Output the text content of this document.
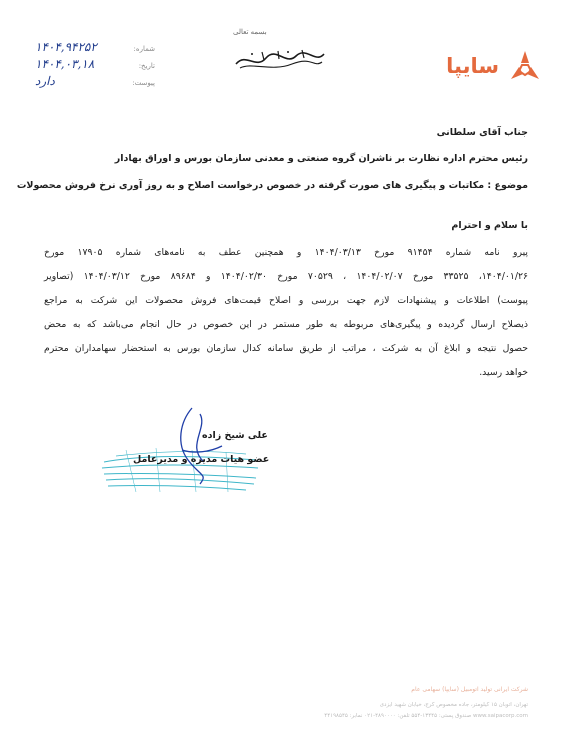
سایپا
بسمه تعالی
۱۴۰۴,۹۴۲۵۲	شماره:
۱۴۰۴,۰۳,۱۸	تاریخ:
دارد	پیوست:
جناب آقای سلطانی
رئیس محترم اداره نظارت بر ناشران گروه صنعتی و معدنی سازمان بورس و اوراق بهادار
موضوع : مکاتبات و پیگیری های صورت گرفته در خصوص درخواست اصلاح و به روز آوری نرخ فروش محصولات
با سلام و احترام
پیرو نامه شماره ۹۱۴۵۴ مورخ ۱۴۰۴/۰۳/۱۳ و همچنین عطف به نامه‌های شماره ۱۷۹۰۵ مورخ
۱۴۰۴/۰۱/۲۶، ۳۳۵۲۵ مورخ ۱۴۰۴/۰۲/۰۷ ، ۷۰۵۲۹ مورخ ۱۴۰۴/۰۲/۳۰ و ۸۹۶۸۴ مورخ ۱۴۰۴/۰۳/۱۲ (تصاویر
پیوست) اطلاعات و پیشنهادات لازم جهت بررسی و اصلاح قیمت‌های فروش محصولات این شرکت به مراجع
ذیصلاح ارسال گردیده و پیگیری‌های مربوطه به طور مستمر در این خصوص در حال انجام می‌باشد که به محض
حصول نتیجه و ابلاغ آن به شرکت ، مراتب از طریق سامانه کدال سازمان بورس به استحضار سهامداران محترم
خواهد رسید.
علی شیخ زاده
عضو هیات مدیره و مدیرعامل
شرکت ایرانی تولید اتومبیل (سایپا) سهامی عام
تهران، اتوبان ۱۵ کیلومتر، جاده مخصوص کرج، خیابان شهید ایزدی
www.saipacorp.com صندوق پستی: ۱۳۴۴۵-۵۵۴ تلفن: ۴۸۹۰۰۰۰-۰۲۱ نمابر: ۴۴۱۹۸۵۴۵
